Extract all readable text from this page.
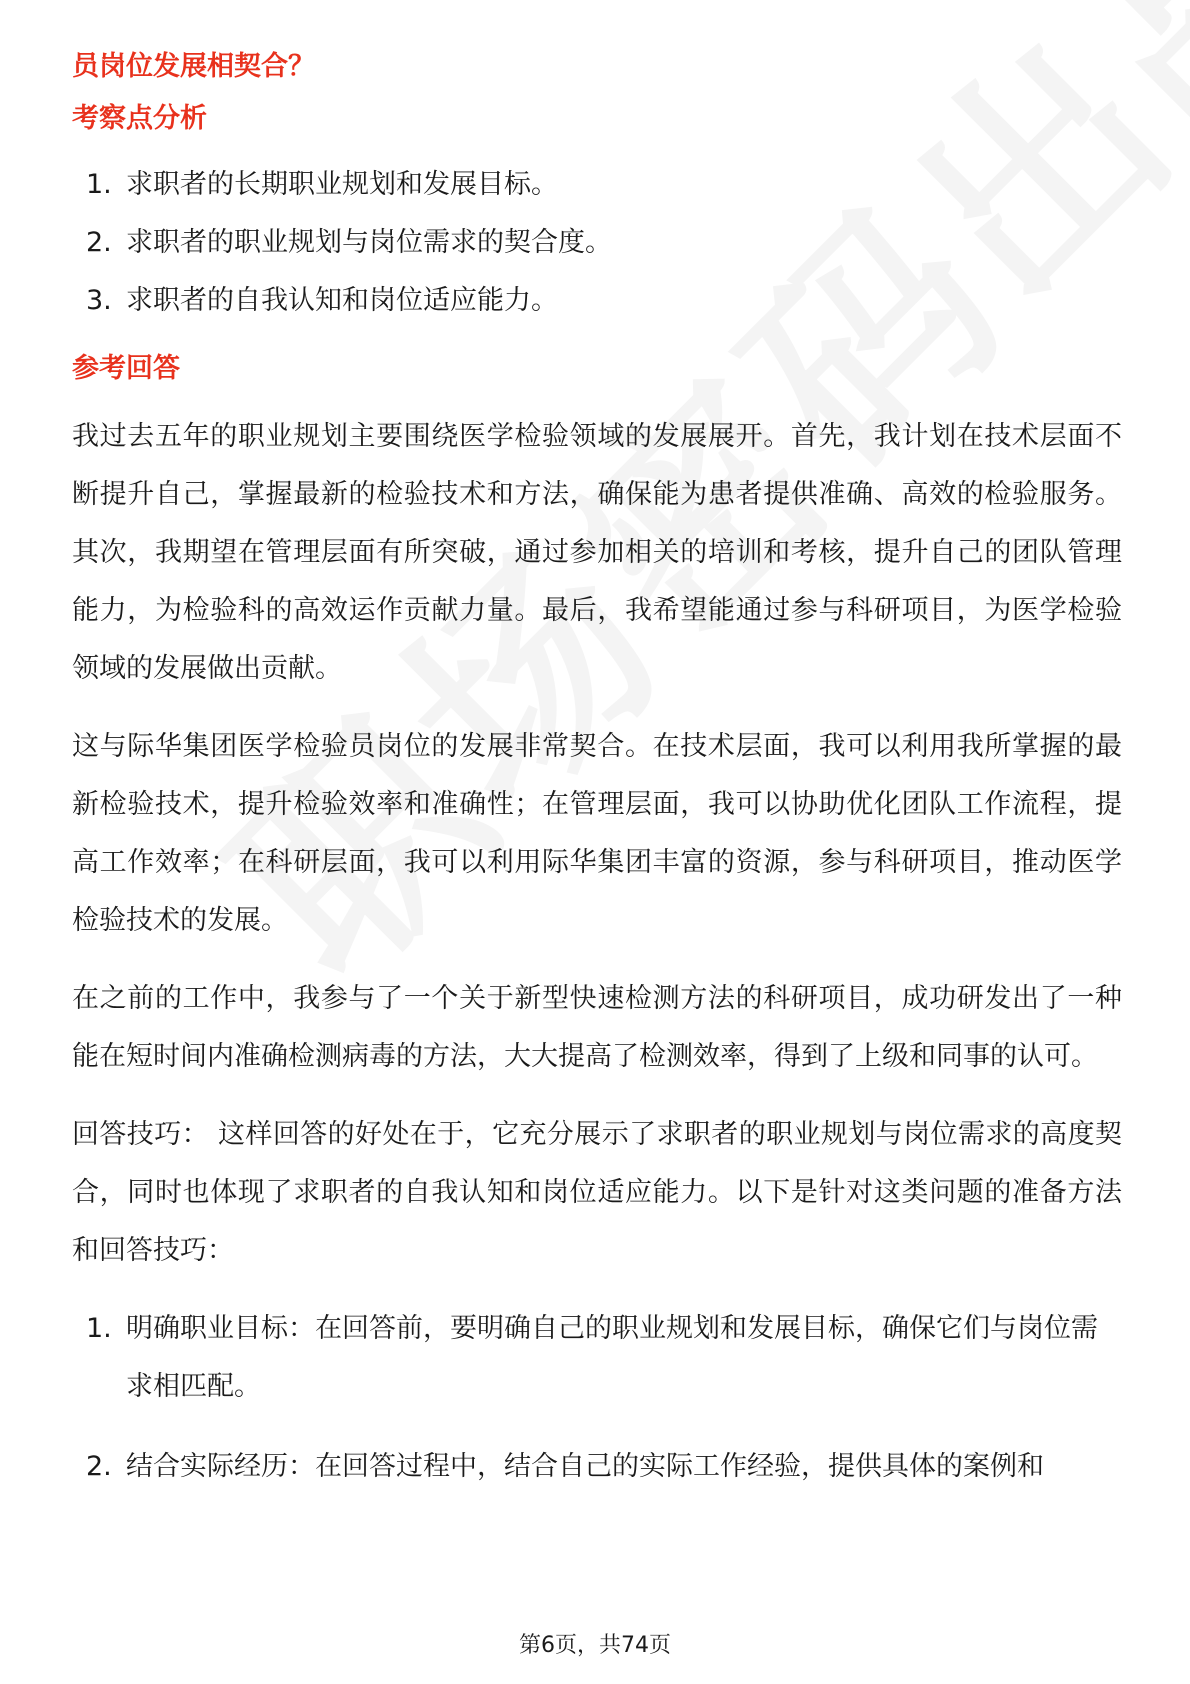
员岗位发展相契合？
考察点分析
1. 求职者的长期职业规划和发展目标。
2. 求职者的职业规划与岗位需求的契合度。
3. 求职者的自我认知和岗位适应能力。
参考回答

我过去五年的职业规划主要围绕医学检验领域的发展展开。首先，我计划在技术层面不断提升自己，掌握最新的检验技术和方法，确保能为患者提供准确、高效的检验服务。其次，我期望在管理层面有所突破，通过参加相关的培训和考核，提升自己的团队管理能力，为检验科的高效运作贡献力量。最后，我希望能通过参与科研项目，为医学检验领域的发展做出贡献。

这与际华集团医学检验员岗位的发展非常契合。在技术层面，我可以利用我所掌握的最新检验技术，提升检验效率和准确性；在管理层面，我可以协助优化团队工作流程，提高工作效率；在科研层面，我可以利用际华集团丰富的资源，参与科研项目，推动医学检验技术的发展。

在之前的工作中，我参与了一个关于新型快速检测方法的科研项目，成功研发出了一种能在短时间内准确检测病毒的方法，大大提高了检测效率，得到了上级和同事的认可。

回答技巧： 这样回答的好处在于，它充分展示了求职者的职业规划与岗位需求的高度契合，同时也体现了求职者的自我认知和岗位适应能力。以下是针对这类问题的准备方法和回答技巧：

1. 明确职业目标：在回答前，要明确自己的职业规划和发展目标，确保它们与岗位需求相匹配。
2. 结合实际经历：在回答过程中，结合自己的实际工作经验，提供具体的案例和
第6页，共74页
